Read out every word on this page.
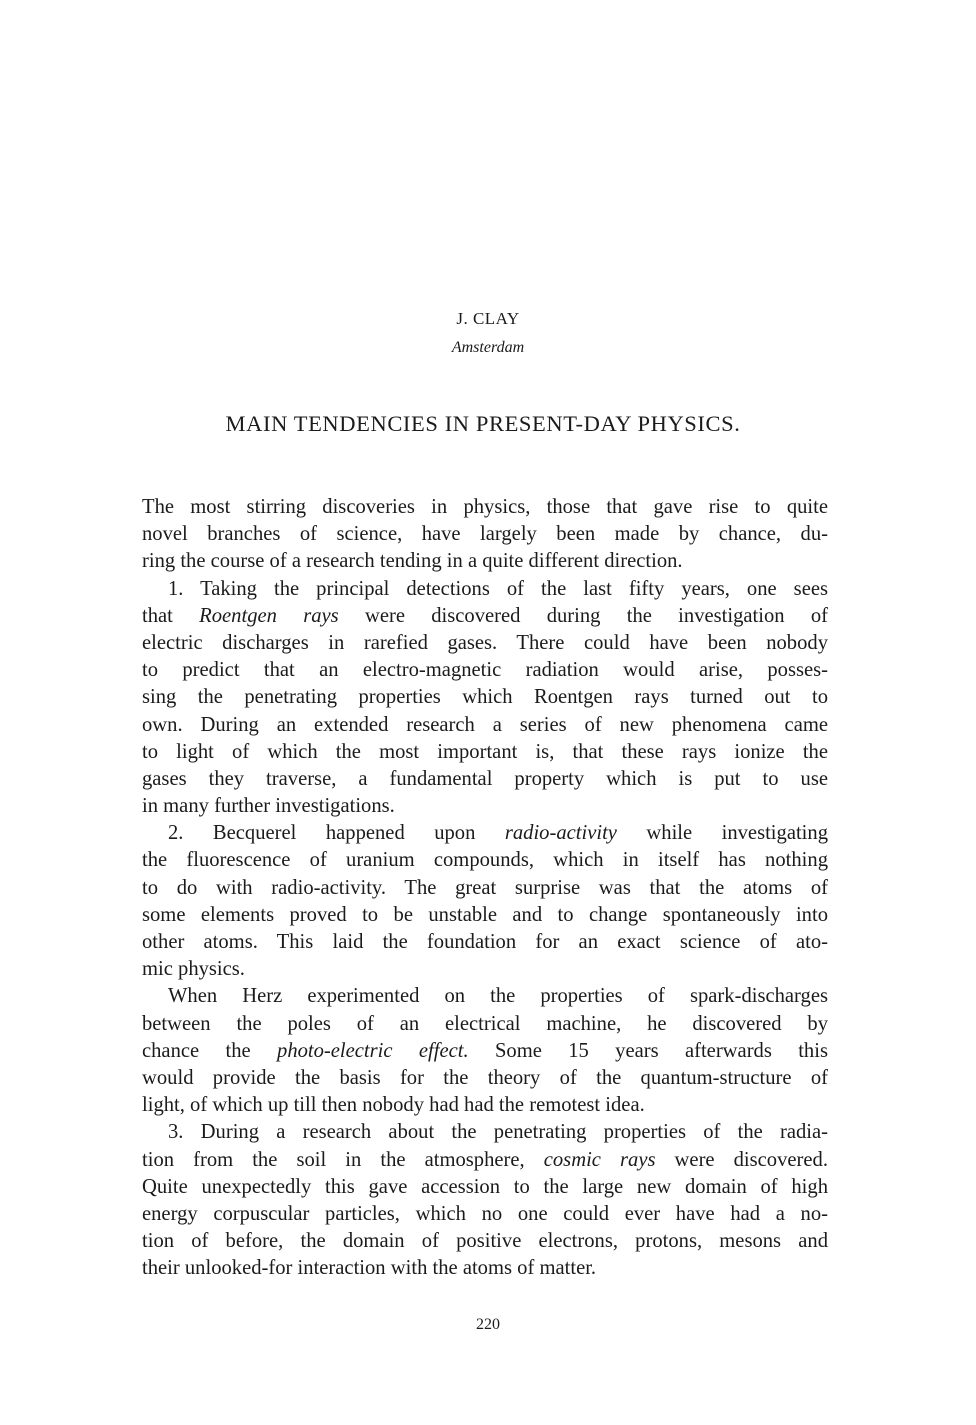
J. CLAY
Amsterdam
MAIN TENDENCIES IN PRESENT-DAY PHYSICS.
The most stirring discoveries in physics, those that gave rise to quite
novel branches of science, have largely been made by chance, du-
ring the course of a research tending in a quite different direction.
1. Taking the principal detections of the last fifty years, one sees
that Roentgen rays were discovered during the investigation of
electric discharges in rarefied gases. There could have been nobody
to predict that an electro-magnetic radiation would arise, posses-
sing the penetrating properties which Roentgen rays turned out to
own. During an extended research a series of new phenomena came
to light of which the most important is, that these rays ionize the
gases they traverse, a fundamental property which is put to use
in many further investigations.
2. Becquerel happened upon radio-activity while investigating
the fluorescence of uranium compounds, which in itself has nothing
to do with radio-activity. The great surprise was that the atoms of
some elements proved to be unstable and to change spontaneously into
other atoms. This laid the foundation for an exact science of ato-
mic physics.
When Herz experimented on the properties of spark-discharges
between the poles of an electrical machine, he discovered by
chance the photo-electric effect. Some 15 years afterwards this
would provide the basis for the theory of the quantum-structure of
light, of which up till then nobody had had the remotest idea.
3. During a research about the penetrating properties of the radia-
tion from the soil in the atmosphere, cosmic rays were discovered.
Quite unexpectedly this gave accession to the large new domain of high
energy corpuscular particles, which no one could ever have had a no-
tion of before, the domain of positive electrons, protons, mesons and
their unlooked-for interaction with the atoms of matter.
220
